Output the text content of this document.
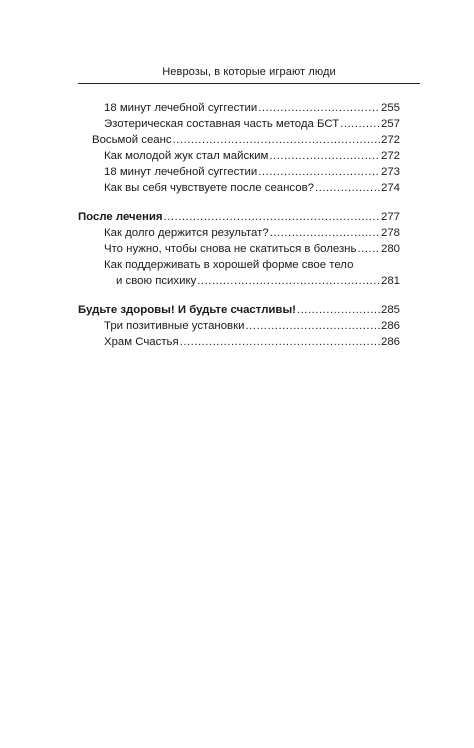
Неврозы, в которые играют люди
18 минут лечебной суггестии .....	255
Эзотерическая составная часть метода БСТ .....	257
Восьмой сеанс .....	272
Как молодой жук стал майским .....	272
18 минут лечебной суггестии .....	273
Как вы себя чувствуете после сеансов? .....	274
После лечения .....	277
Как долго держится результат? .....	278
Что нужно, чтобы снова не скатиться в болезнь ..... 280
Как поддерживать в хорошей форме свое тело
и свою психику .....	281
Будьте здоровы! И будьте счастливы! .....	285
Три позитивные установки .....	286
Храм Счастья .....	286
